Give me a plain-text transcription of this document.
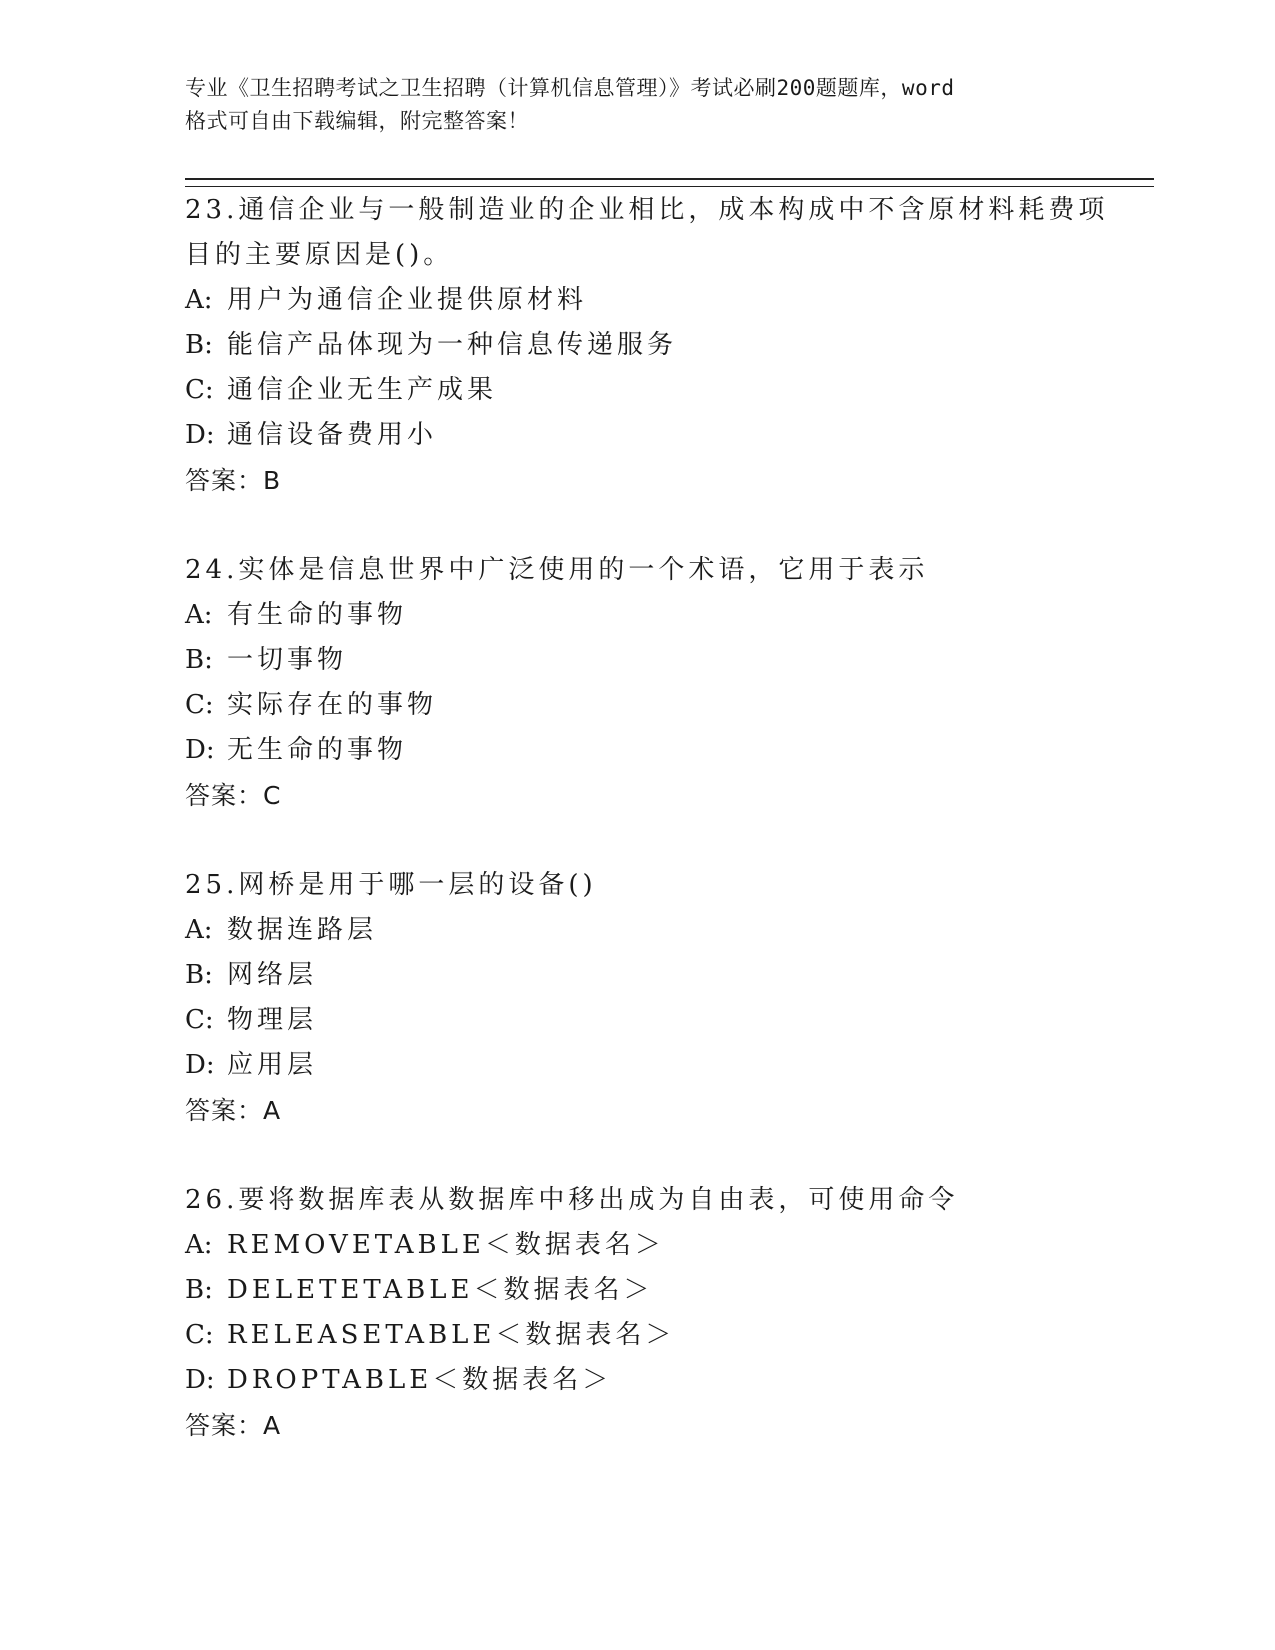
专业《卫生招聘考试之卫生招聘（计算机信息管理）》考试必刷200题题库，word
格式可自由下载编辑，附完整答案！
23.通信企业与一般制造业的企业相比，成本构成中不含原材料耗费项
目的主要原因是()。
A: 用户为通信企业提供原材料
B: 能信产品体现为一种信息传递服务
C: 通信企业无生产成果
D: 通信设备费用小
答案：B
24.实体是信息世界中广泛使用的一个术语，它用于表示
A: 有生命的事物
B: 一切事物
C: 实际存在的事物
D: 无生命的事物
答案：C
25.网桥是用于哪一层的设备()
A: 数据连路层
B: 网络层
C: 物理层
D: 应用层
答案：A
26.要将数据库表从数据库中移出成为自由表，可使用命令
A: REMOVETABLE＜数据表名＞
B: DELETETABLE＜数据表名＞
C: RELEASETABLE＜数据表名＞
D: DROPTABLE＜数据表名＞
答案：A
